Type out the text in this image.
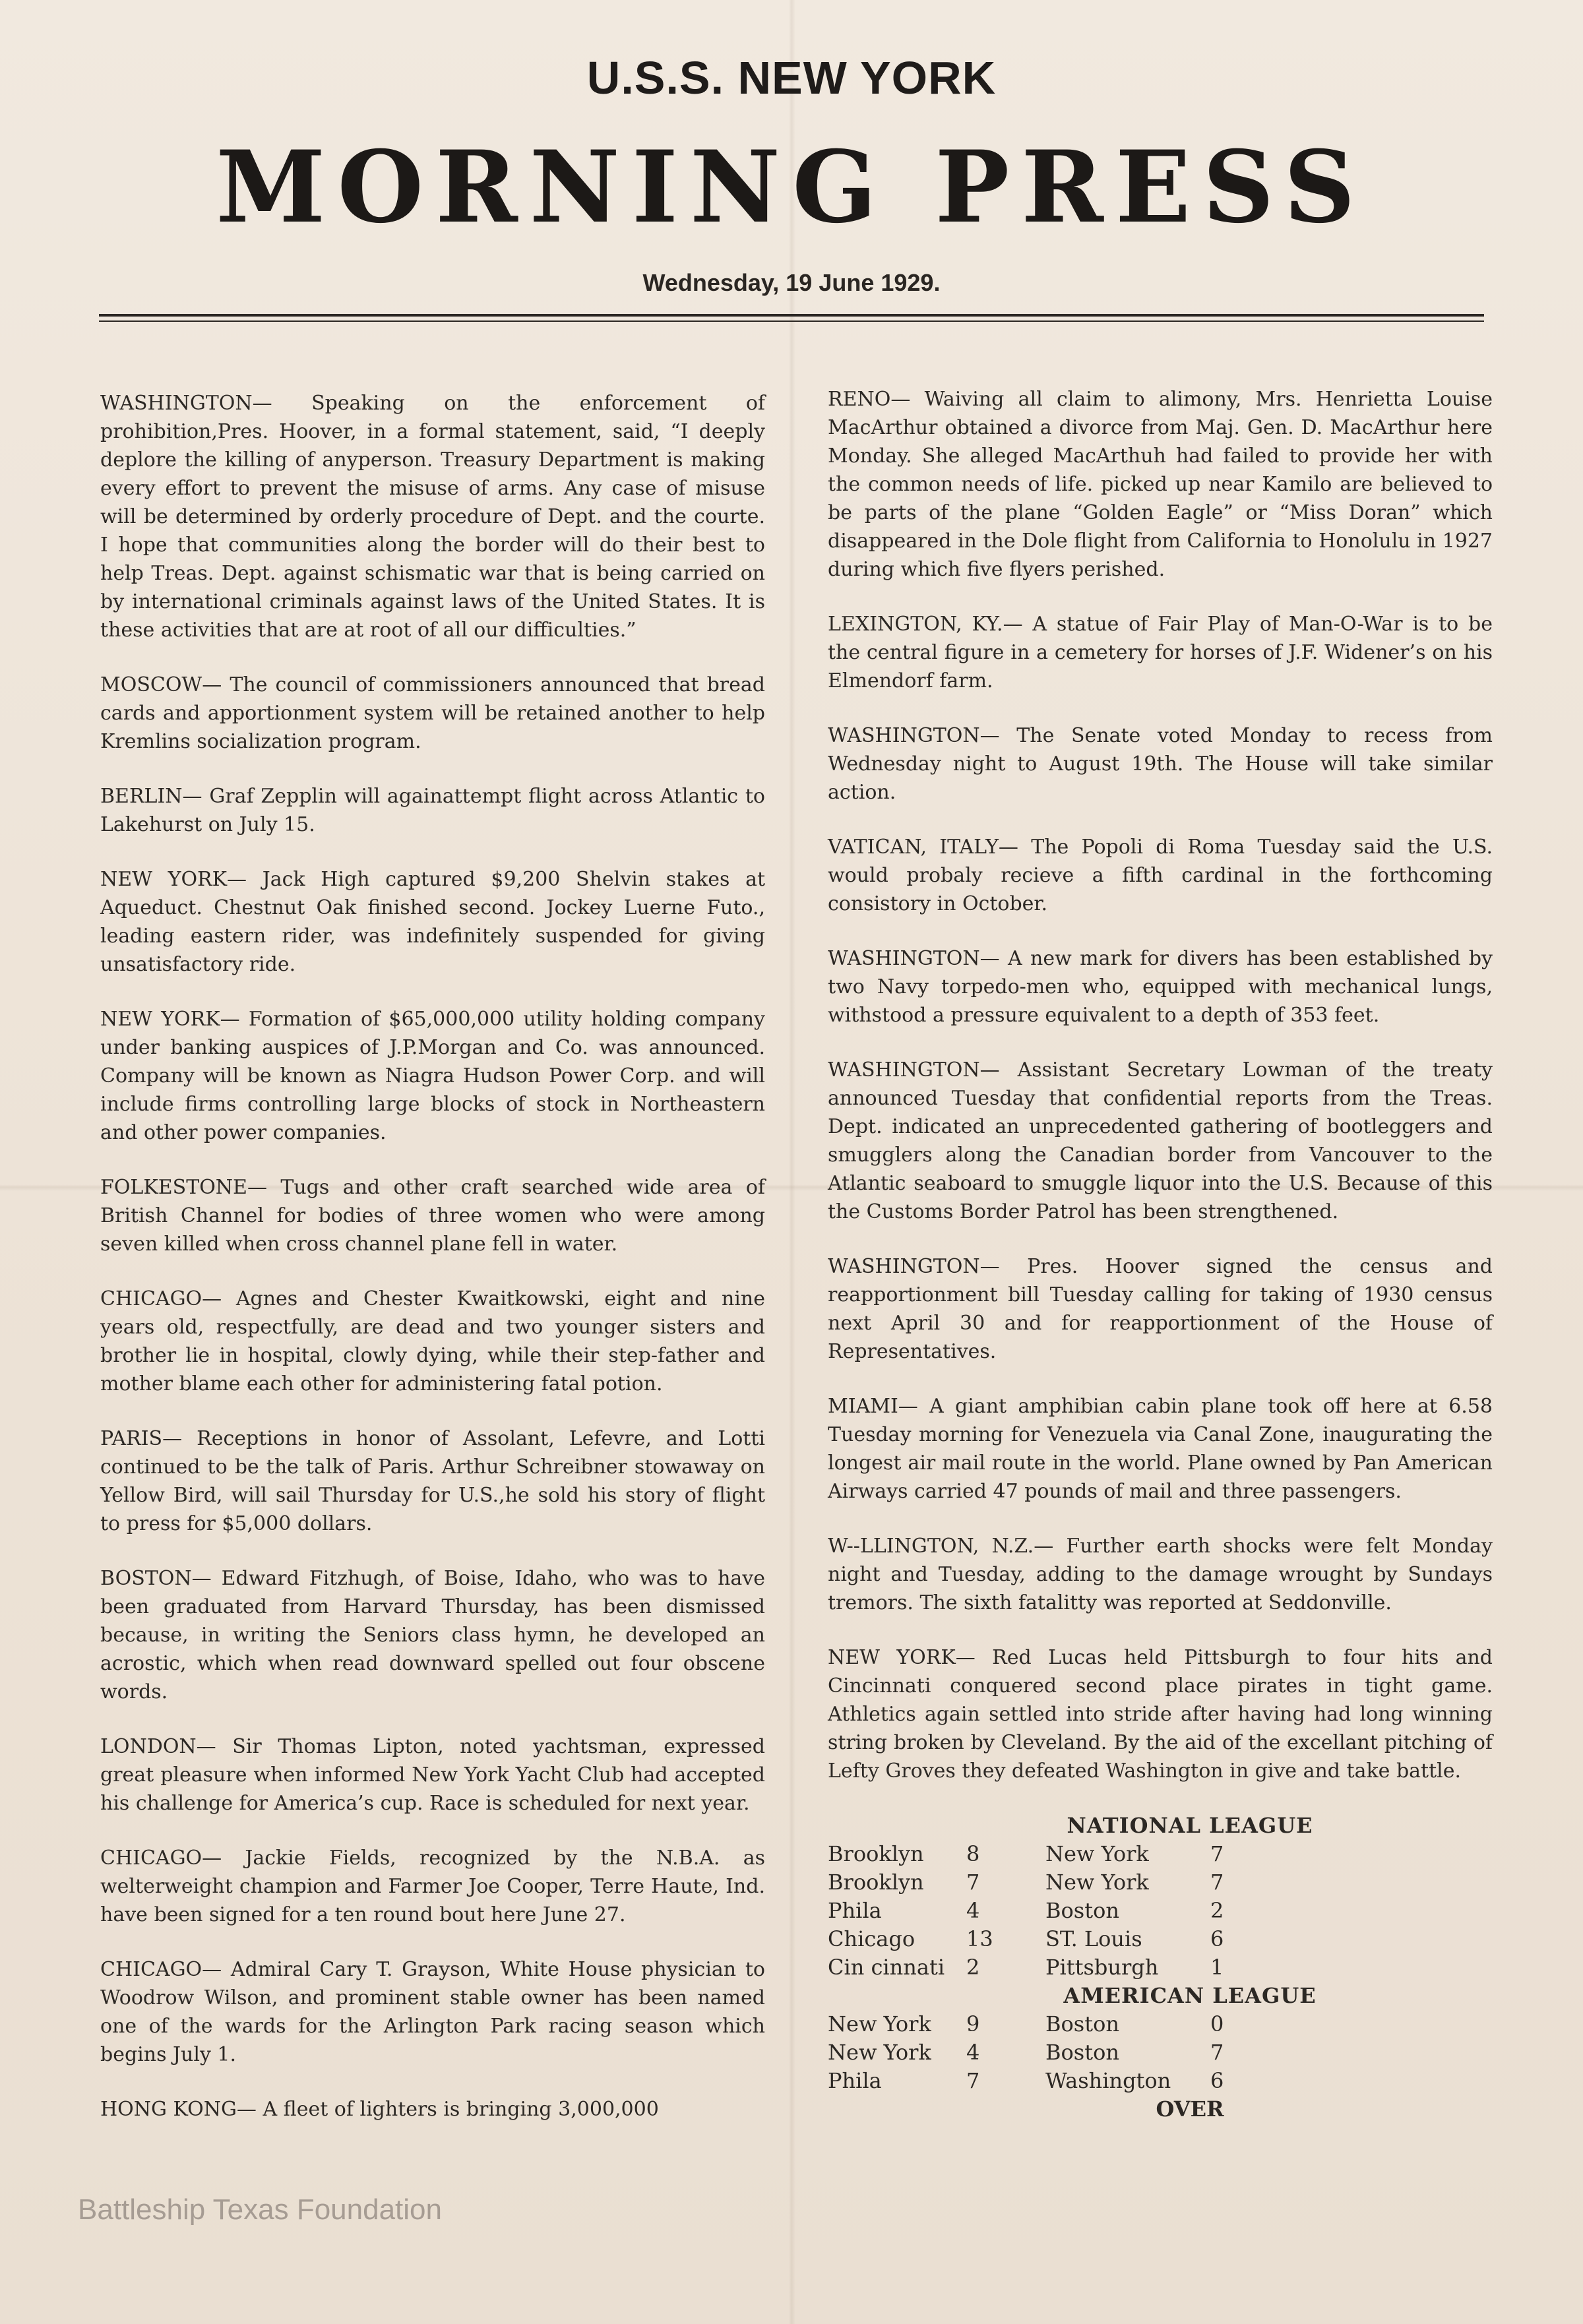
U.S.S. NEW YORK
MORNING PRESS
Wednesday, 19 June 1929.

WASHINGTON— Speaking on the enforcement of prohibition,Pres. Hoover, in a formal statement, said, “I deeply deplore the killing of anyperson. Treasury Department is making every effort to prevent the misuse of arms. Any case of misuse will be determined by orderly procedure of Dept. and the courte. I hope that communities along the border will do their best to help Treas. Dept. against schismatic war that is being carried on by international criminals against laws of the United States. It is these activities that are at root of all our difficulties.”

MOSCOW— The council of commissioners announced that bread cards and apportionment system will be retained another to help Kremlins socialization program.

BERLIN— Graf Zepplin will againattempt flight across Atlantic to Lakehurst on July 15.

NEW YORK— Jack High captured $9,200 Shelvin stakes at Aqueduct. Chestnut Oak finished second. Jockey Luerne Futo., leading eastern rider, was indefinitely suspended for giving unsatisfactory ride.

NEW YORK— Formation of $65,000,000 utility holding company under banking auspices of J.P.Morgan and Co. was announced. Company will be known as Niagra Hudson Power Corp. and will include firms controlling large blocks of stock in Northeastern and other power companies.

FOLKESTONE— Tugs and other craft searched wide area of British Channel for bodies of three women who were among seven killed when cross channel plane fell in water.

CHICAGO— Agnes and Chester Kwaitkowski, eight and nine years old, respectfully, are dead and two younger sisters and brother lie in hospital, clowly dying, while their step-father and mother blame each other for administering fatal potion.

PARIS— Receptions in honor of Assolant, Lefevre, and Lotti continued to be the talk of Paris. Arthur Schreibner stowaway on Yellow Bird, will sail Thursday for U.S.,he sold his story of flight to press for $5,000 dollars.

BOSTON— Edward Fitzhugh, of Boise, Idaho, who was to have been graduated from Harvard Thursday, has been dismissed because, in writing the Seniors class hymn, he developed an acrostic, which when read downward spelled out four obscene words.

LONDON— Sir Thomas Lipton, noted yachtsman, expressed great pleasure when informed New York Yacht Club had accepted his challenge for America’s cup. Race is scheduled for next year.

CHICAGO— Jackie Fields, recognized by the N.B.A. as welterweight champion and Farmer Joe Cooper, Terre Haute, Ind. have been signed for a ten round bout here June 27.

CHICAGO— Admiral Cary T. Grayson, White House physician to Woodrow Wilson, and prominent stable owner has been named one of the wards for the Arlington Park racing season which begins July 1.

HONG KONG— A fleet of lighters is bringing 3,000,000

RENO— Waiving all claim to alimony, Mrs. Henrietta Louise MacArthur obtained a divorce from Maj. Gen. D. MacArthur here Monday. She alleged MacArthuh had failed to provide her with the common needs of life. picked up near Kamilo are believed to be parts of the plane “Golden Eagle” or “Miss Doran” which disappeared in the Dole flight from California to Honolulu in 1927 during which five flyers perished.

LEXINGTON, KY.— A statue of Fair Play of Man-O-War is to be the central figure in a cemetery for horses of J.F. Widener’s on his Elmendorf farm.

WASHINGTON— The Senate voted Monday to recess from Wednesday night to August 19th. The House will take similar action.

VATICAN, ITALY— The Popoli di Roma Tuesday said the U.S. would probaly recieve a fifth cardinal in the forthcoming consistory in October.

WASHINGTON— A new mark for divers has been established by two Navy torpedo-men who, equipped with mechanical lungs, withstood a pressure equivalent to a depth of 353 feet.

WASHINGTON— Assistant Secretary Lowman of the treaty announced Tuesday that confidential reports from the Treas. Dept. indicated an unprecedented gathering of bootleggers and smugglers along the Canadian border from Vancouver to the Atlantic seaboard to smuggle liquor into the U.S. Because of this the Customs Border Patrol has been strengthened.

WASHINGTON— Pres. Hoover signed the census and reapportionment bill Tuesday calling for taking of 1930 census next April 30 and for reapportionment of the House of Representatives.

MIAMI— A giant amphibian cabin plane took off here at 6.58 Tuesday morning for Venezuela via Canal Zone, inaugurating the longest air mail route in the world. Plane owned by Pan American Airways carried 47 pounds of mail and three passengers.

W--LLINGTON, N.Z.— Further earth shocks were felt Monday night and Tuesday, adding to the damage wrought by Sundays tremors. The sixth fatalitty was reported at Seddonville.

NEW YORK— Red Lucas held Pittsburgh to four hits and Cincinnati conquered second place pirates in tight game. Athletics again settled into stride after having had long winning string broken by Cleveland. By the aid of the excellant pitching of Lefty Groves they defeated Washington in give and take battle.

NATIONAL LEAGUE
Brooklyn 8	New York	7
Brooklyn 7	New York	7
Phila	4	Boston	2
Chicago 13 ST. Louis	6
Cin cinnati 2	Pittsburgh 1
AMERICAN LEAGUE
New York 9	Boston	0
New York 4	Boston	7
Phila	7	Washington 6
OVER
Battleship Texas Foundation
